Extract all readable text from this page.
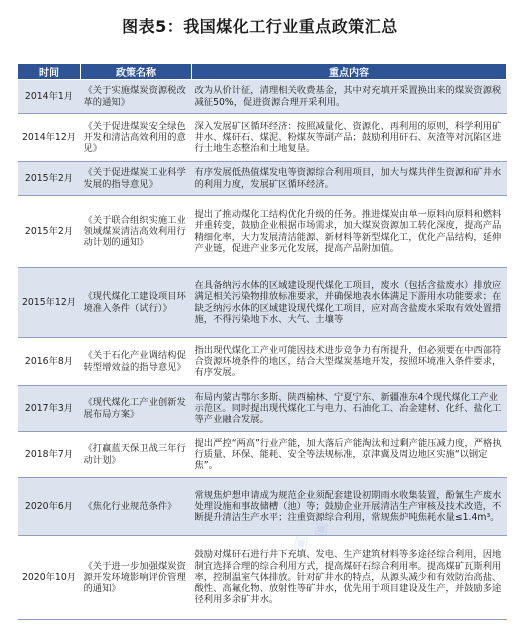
图表5：我国煤化工行业重点政策汇总
时间	政策名称	重点内容
2014年1月	《关于实施煤炭资源税改革的通知》	改为从价计征，清理相关收费基金，其中对充填开采置换出来的煤炭资源税减征50%，促进资源合理开采利用。
2014年12月	《关于促进煤炭安全绿色开发和清洁高效利用的意见》	深入发展矿区循环经济：按照减量化、资源化、再利用的原则，科学利用矿井水、煤矸石、煤泥、粉煤灰等副产品；鼓励利用矸石、灰渣等对沉陷区进行土地生态整治和土地复垦。
2015年2月	《关于促进煤炭工业科学发展的指导意见》	有序发展低热值煤发电等资源综合利用项目，加大与煤共伴生资源和矿井水的利用力度，发展矿区循环经济。
2015年2月	《关于联合组织实施工业领域煤炭清洁高效利用行动计划的通知》	提出了推动煤化工结构优化升级的任务。推进煤炭由单一原料向原料和燃料并重转变，鼓励企业根据市场需求，加大煤炭资源加工转化深度，提高产品精细化率，大力发展清洁能源、新材料等新型煤化工，优化产品结构，延伸产业链，促进产业多元化发展，提高产品附加值。
2015年12月	《现代煤化工建设项目环境准入条件（试行）》	在具备纳污水体的区域建设现代煤化工项目，废水（包括含盐废水）排放应满足相关污染物排放标准要求，并确保地表水体满足下游用水功能要求；在缺乏纳污水体的区域建设现代煤化工项目，应对高含盐废水采取有效处置措施，不得污染地下水、大气、土壤等
2016年8月	《关于石化产业调结构促转型增效益的指导意见》	指出现代煤化工产业可能因技术进步竞争力有所提升，但必须要在中西部符合资源环境条件的地区，结合大型煤炭基地开发，按照环境准入条件要求，有序发展。
2017年3月	《现代煤化工产业创新发展布局方案》	布局内蒙古鄂尔多斯、陕西榆林、宁夏宁东、新疆准东4个现代煤化工产业示范区。同时提出现代煤化工与电力、石油化工、冶金建材、化纤、盐化工等产业融合发展。
2018年7月	《打赢蓝天保卫战三年行动计划》	提出严控“两高”行业产能，加大落后产能淘汰和过剩产能压减力度，严格执行质量、环保、能耗、安全等法规标准，京津冀及周边地区实施“以钢定焦”。
2020年6月	《焦化行业规范条件》	常规焦炉想申请成为规范企业须配套建设初期雨水收集装置，酚氰生产废水处理设施和事故储槽（池）等；鼓励企业开展清洁生产审核及技术改造，不断提升清洁生产水平；注重资源综合利用，常规焦炉吨焦耗水量≤1.4m³。
2020年10月	《关于进一步加强煤炭资源开发环境影响评价管理的通知》	鼓励对煤矸石进行井下充填、发电、生产建筑材料等多途径综合利用，因地制宜选择合理的综合利用方式，提高煤矸石综合利用率。提高煤矿瓦斯利用率，控制温室气体排放。针对矿井水的特点，从源头减少和有效防治高盐、酸性、高氟化物、放射性等矿井水，优先用于项目建设及生产，并鼓励多途径利用多余矿井水。
